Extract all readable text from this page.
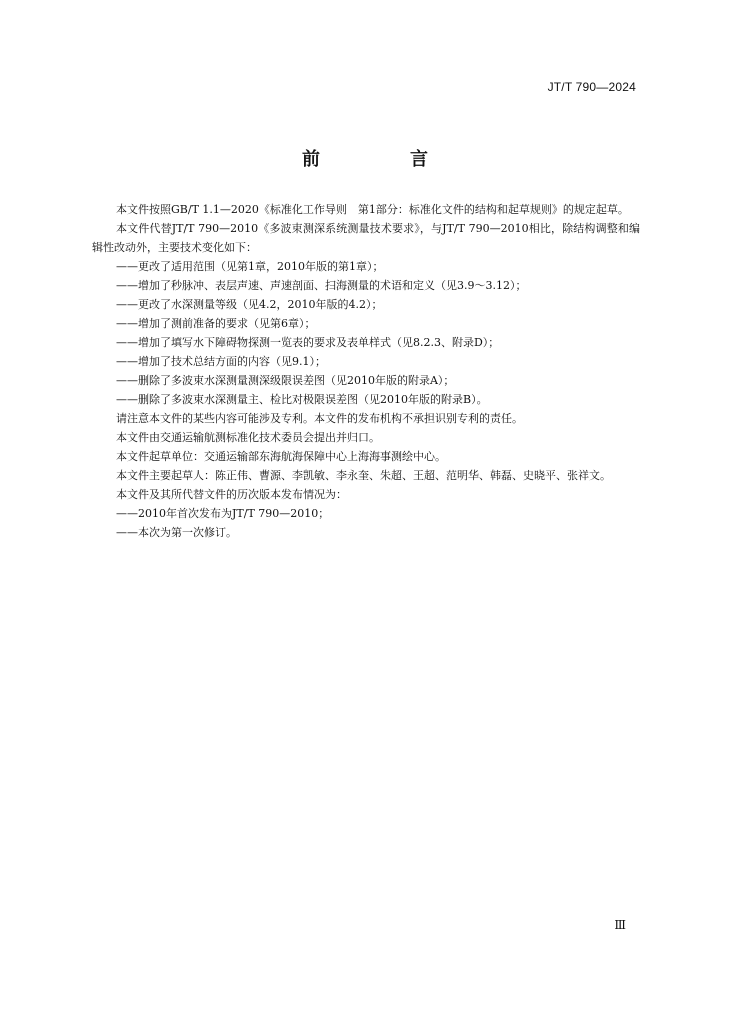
JT/T 790—2024
前　言

本文件按照GB/T 1.1—2020《标准化工作导则　第1部分：标准化文件的结构和起草规则》的规定起草。

本文件代替JT/T 790—2010《多波束测深系统测量技术要求》，与JT/T 790—2010相比，除结构调整和编辑性改动外，主要技术变化如下：

——更改了适用范围（见第1章，2010年版的第1章）；

——增加了秒脉冲、表层声速、声速剖面、扫海测量的术语和定义（见3.9～3.12）；

——更改了水深测量等级（见4.2，2010年版的4.2）；

——增加了测前准备的要求（见第6章）；

——增加了填写水下障碍物探测一览表的要求及表单样式（见8.2.3、附录D）；

——增加了技术总结方面的内容（见9.1）；

——删除了多波束水深测量测深级限误差图（见2010年版的附录A）；

——删除了多波束水深测量主、检比对极限误差图（见2010年版的附录B）。

请注意本文件的某些内容可能涉及专利。本文件的发布机构不承担识别专利的责任。

本文件由交通运输航测标准化技术委员会提出并归口。

本文件起草单位：交通运输部东海航海保障中心上海海事测绘中心。

本文件主要起草人：陈正伟、曹源、李凯敏、李永奎、朱超、王超、范明华、韩磊、史晓平、张祥文。

本文件及其所代替文件的历次版本发布情况为：

——2010年首次发布为JT/T 790—2010；

——本次为第一次修订。

Ⅲ
